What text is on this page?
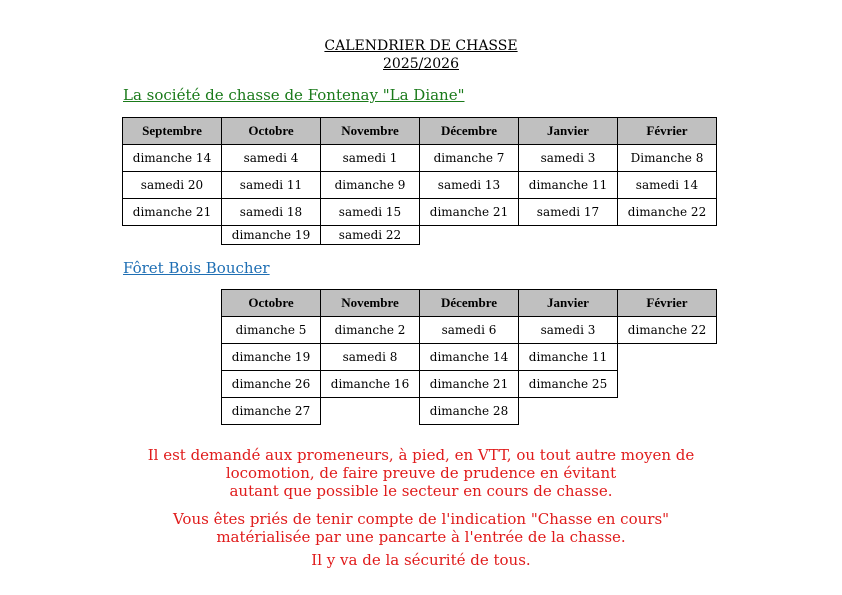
CALENDRIER DE CHASSE
2025/2026
La société de chasse de Fontenay "La Diane"
Septembre	Octobre	Novembre	Décembre	Janvier	Février
dimanche 14	samedi 4	samedi 1	dimanche 7	samedi 3	Dimanche 8
samedi 20	samedi 11	dimanche 9	samedi 13	dimanche 11	samedi 14
dimanche 21	samedi 18	samedi 15	dimanche 21	samedi 17	dimanche 22
	dimanche 19	samedi 22			
Fôret Bois Boucher
Octobre	Novembre	Décembre	Janvier	Février
dimanche 5	dimanche 2	samedi 6	samedi 3	dimanche 22
dimanche 19	samedi 8	dimanche 14	dimanche 11	
dimanche 26	dimanche 16	dimanche 21	dimanche 25	
dimanche 27		dimanche 28		

Il est demandé aux promeneurs, à pied, en VTT, ou tout autre moyen de

locomotion, de faire preuve de prudence en évitant

autant que possible le secteur en cours de chasse.

Vous êtes priés de tenir compte de l'indication "Chasse en cours"

matérialisée par une pancarte à l'entrée de la chasse.

Il y va de la sécurité de tous.
